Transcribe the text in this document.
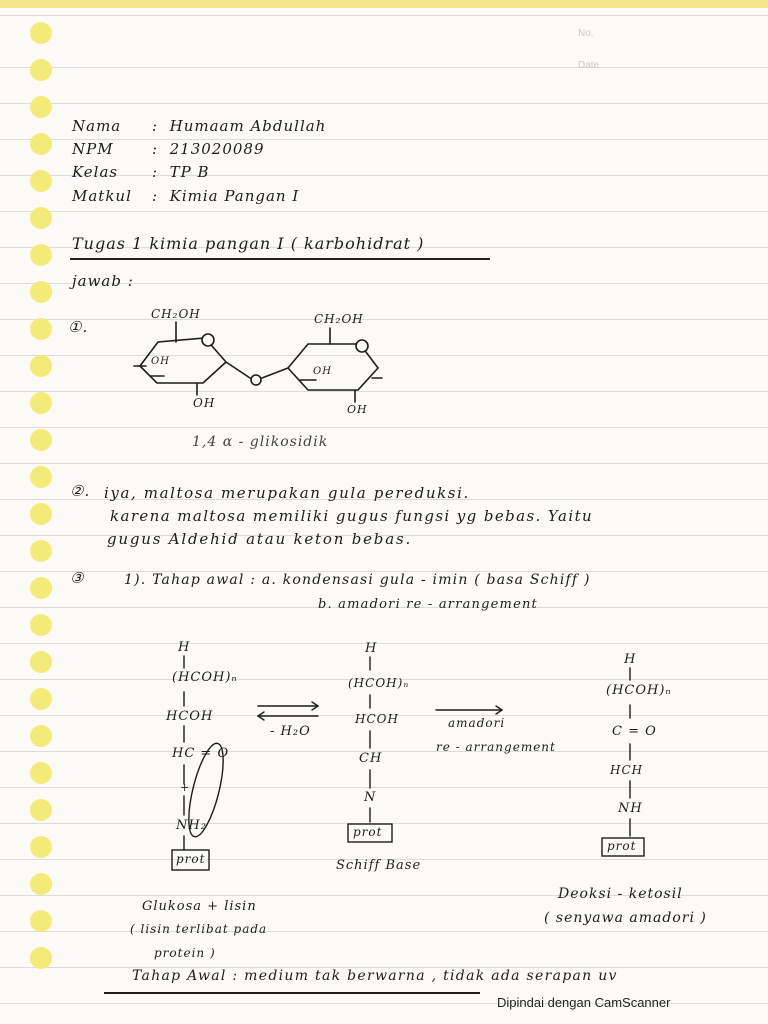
No.
Date
Nama : Humaam Abdullah
NPM	: 213020089
Kelas : TP B
Matkul : Kimia Pangan I
Tugas 1 kimia pangan I ( karbohidrat )
jawab :
①.
CH₂OH	CH₂OH
OH
OH
OH
OH
1,4 α - glikosidik
②. iya, maltosa merupakan gula pereduksi.
karena maltosa memiliki gugus fungsi yg bebas. Yaitu
gugus Aldehid atau keton bebas.
③	1). Tahap awal : a. kondensasi gula - imin ( basa Schiff )
b. amadori re - arrangement
H
(HCOH)ₙ
HCOH
HC = O
+
NH₂
prot
- H₂O
H
(HCOH)ₙ
HCOH
CH
N
prot
Schiff Base
amadori
re - arrangement
H
(HCOH)ₙ
C = O
HCH
NH
prot
Deoksi - ketosil
( senyawa amadori )
Glukosa + lisin
( lisin terlibat pada
protein )
Tahap Awal : medium tak berwarna , tidak ada serapan uv
Dipindai dengan CamScanner
